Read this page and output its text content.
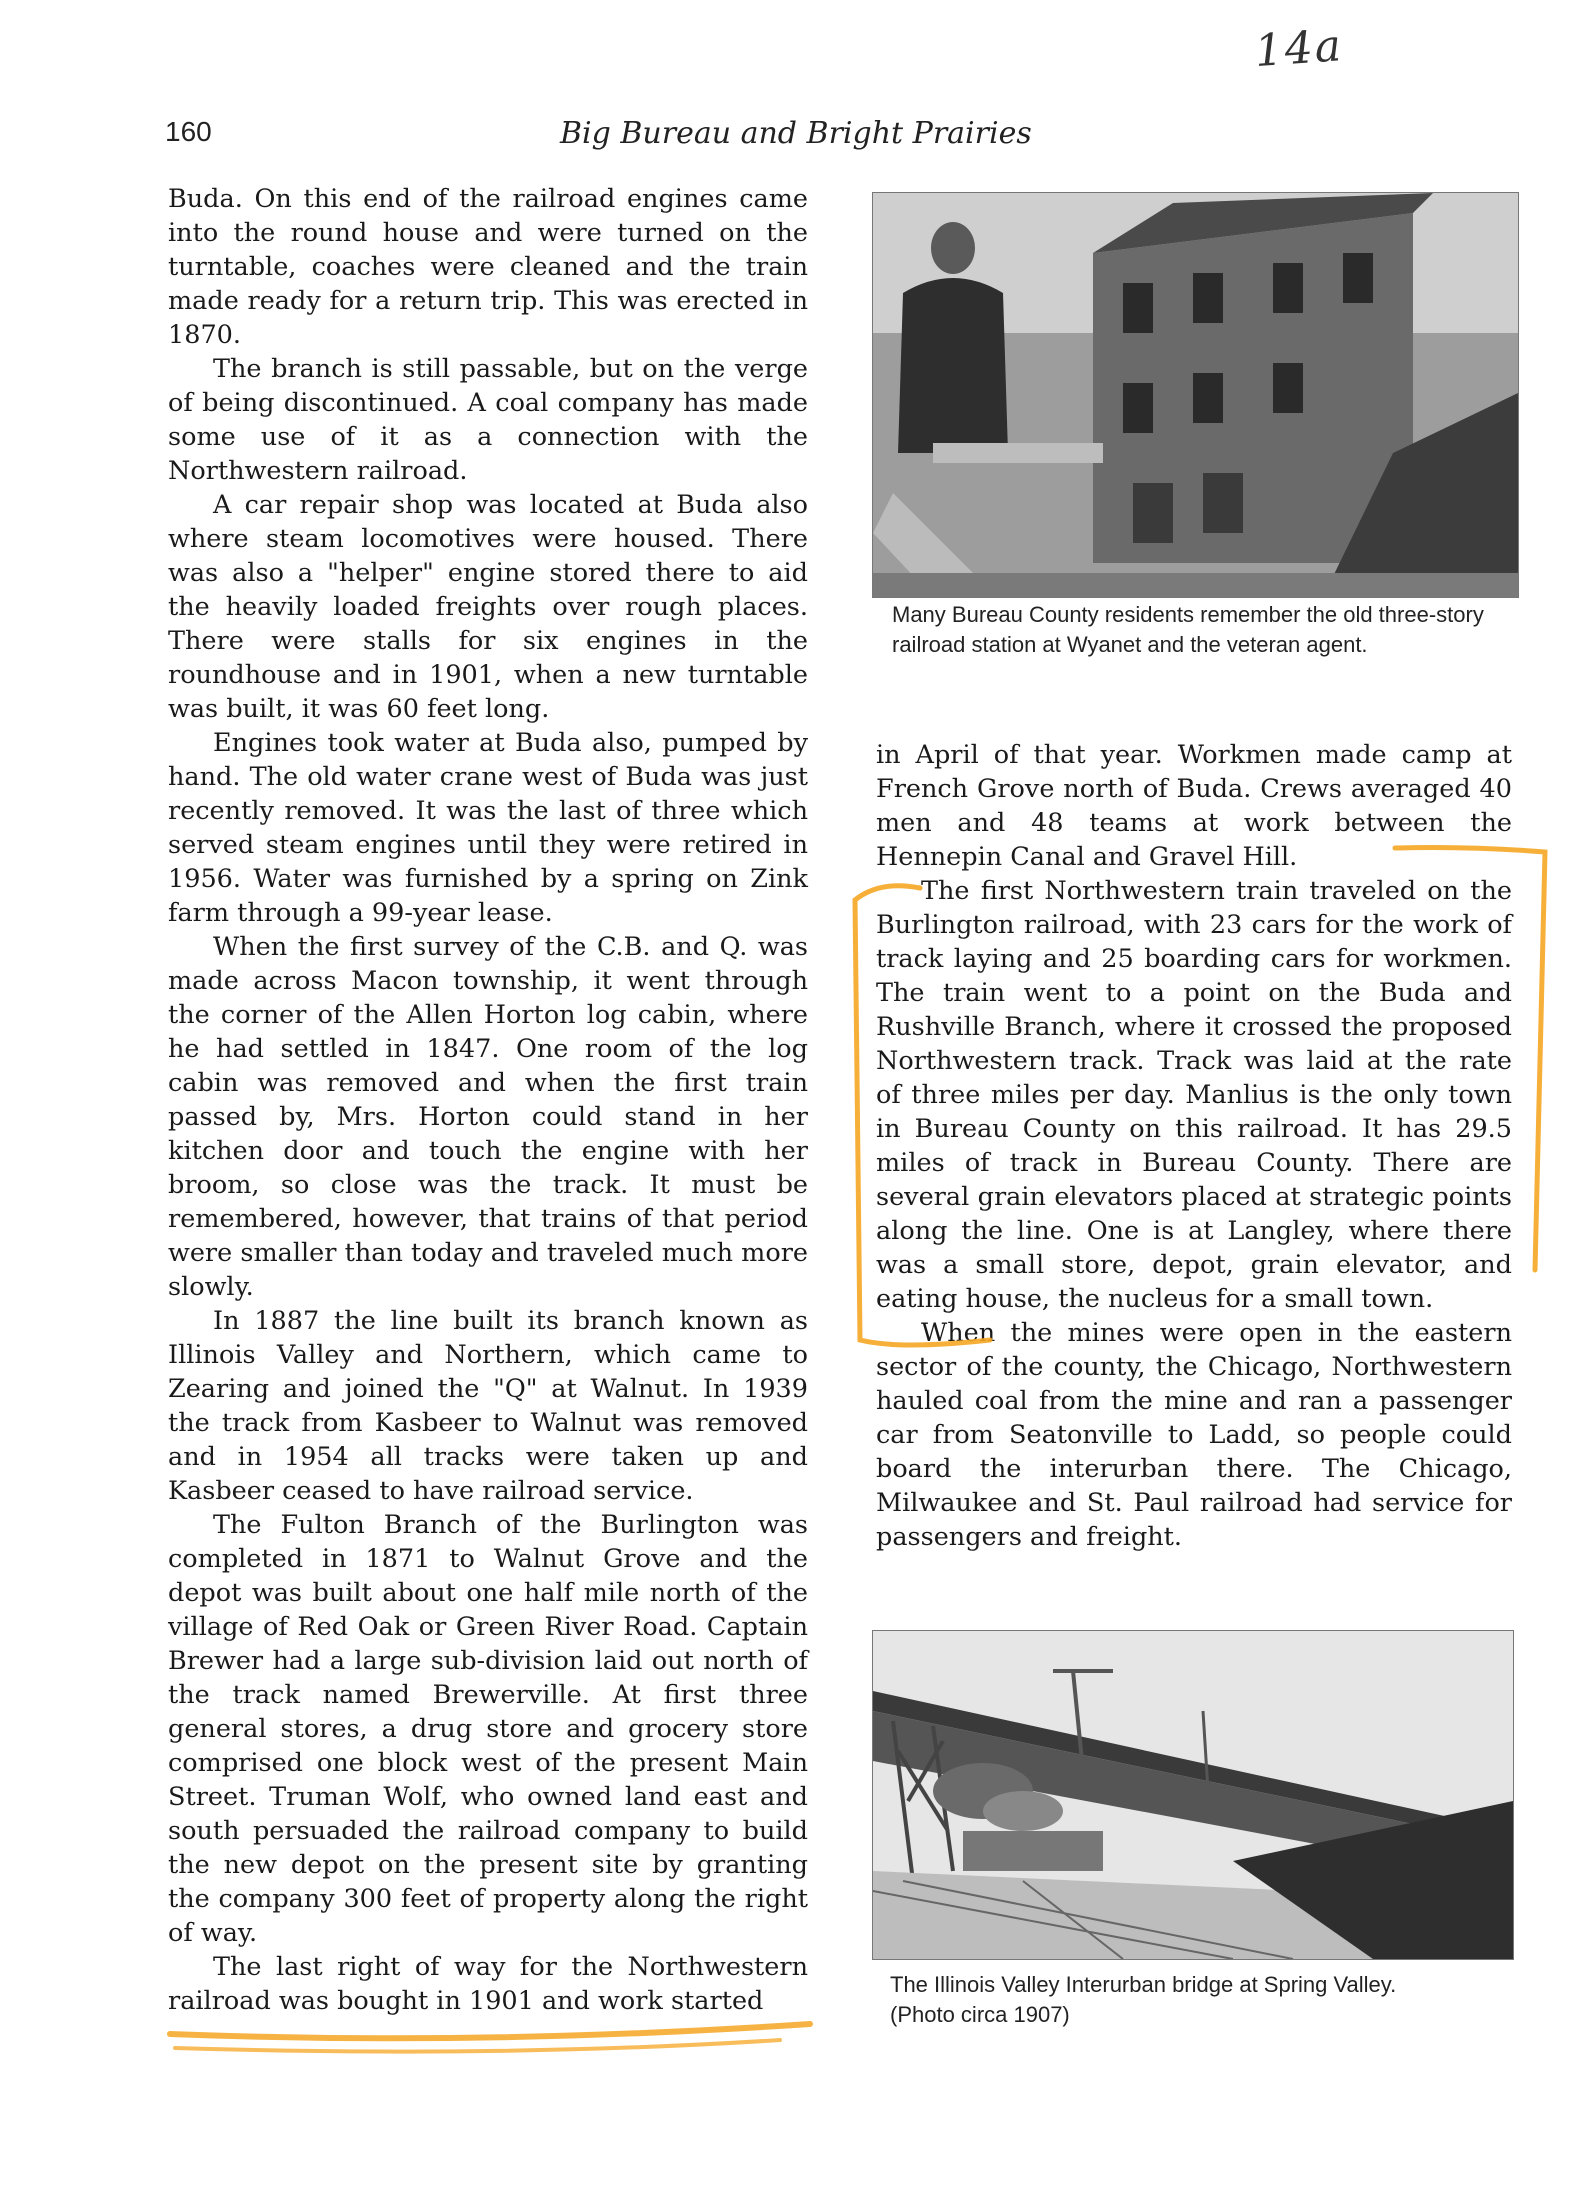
14a
160	Big Bureau and Bright Prairies

Buda. On this end of the railroad engines came into the round house and were turned on the turntable, coaches were cleaned and the train made ready for a return trip. This was erected in 1870.

The branch is still passable, but on the verge of being discontinued. A coal company has made some use of it as a connection with the Northwestern railroad.

A car repair shop was located at Buda also where steam locomotives were housed. There was also a "helper" engine stored there to aid the heavily loaded freights over rough places. There were stalls for six engines in the roundhouse and in 1901, when a new turntable was built, it was 60 feet long.

Engines took water at Buda also, pumped by hand. The old water crane west of Buda was just recently removed. It was the last of three which served steam engines until they were retired in 1956. Water was furnished by a spring on Zink farm through a 99-year lease.

When the first survey of the C.B. and Q. was made across Macon township, it went through the corner of the Allen Horton log cabin, where he had settled in 1847. One room of the log cabin was removed and when the first train passed by, Mrs. Horton could stand in her kitchen door and touch the engine with her broom, so close was the track. It must be remembered, however, that trains of that period were smaller than today and traveled much more slowly.

In 1887 the line built its branch known as Illinois Valley and Northern, which came to Zearing and joined the "Q" at Walnut. In 1939 the track from Kasbeer to Walnut was removed and in 1954 all tracks were taken up and Kasbeer ceased to have railroad service.

The Fulton Branch of the Burlington was completed in 1871 to Walnut Grove and the depot was built about one half mile north of the village of Red Oak or Green River Road. Captain Brewer had a large sub-division laid out north of the track named Brewerville. At first three general stores, a drug store and grocery store comprised one block west of the present Main Street. Truman Wolf, who owned land east and south persuaded the railroad company to build the new depot on the present site by granting the company 300 feet of property along the right of way.

The last right of way for the Northwestern railroad was bought in 1901 and work started

Many Bureau County residents remember the old three-story railroad station at Wyanet and the veteran agent.

in April of that year. Workmen made camp at French Grove north of Buda. Crews averaged 40 men and 48 teams at work between the Hennepin Canal and Gravel Hill.

The first Northwestern train traveled on the Burlington railroad, with 23 cars for the work of track laying and 25 boarding cars for workmen. The train went to a point on the Buda and Rushville Branch, where it crossed the proposed Northwestern track. Track was laid at the rate of three miles per day. Manlius is the only town in Bureau County on this railroad. It has 29.5 miles of track in Bureau County. There are several grain elevators placed at strategic points along the line. One is at Langley, where there was a small store, depot, grain elevator, and eating house, the nucleus for a small town.

When the mines were open in the eastern sector of the county, the Chicago, Northwestern hauled coal from the mine and ran a passenger car from Seatonville to Ladd, so people could board the interurban there. The Chicago, Milwaukee and St. Paul railroad had service for passengers and freight.

The Illinois Valley Interurban bridge at Spring Valley.
(Photo circa 1907)
